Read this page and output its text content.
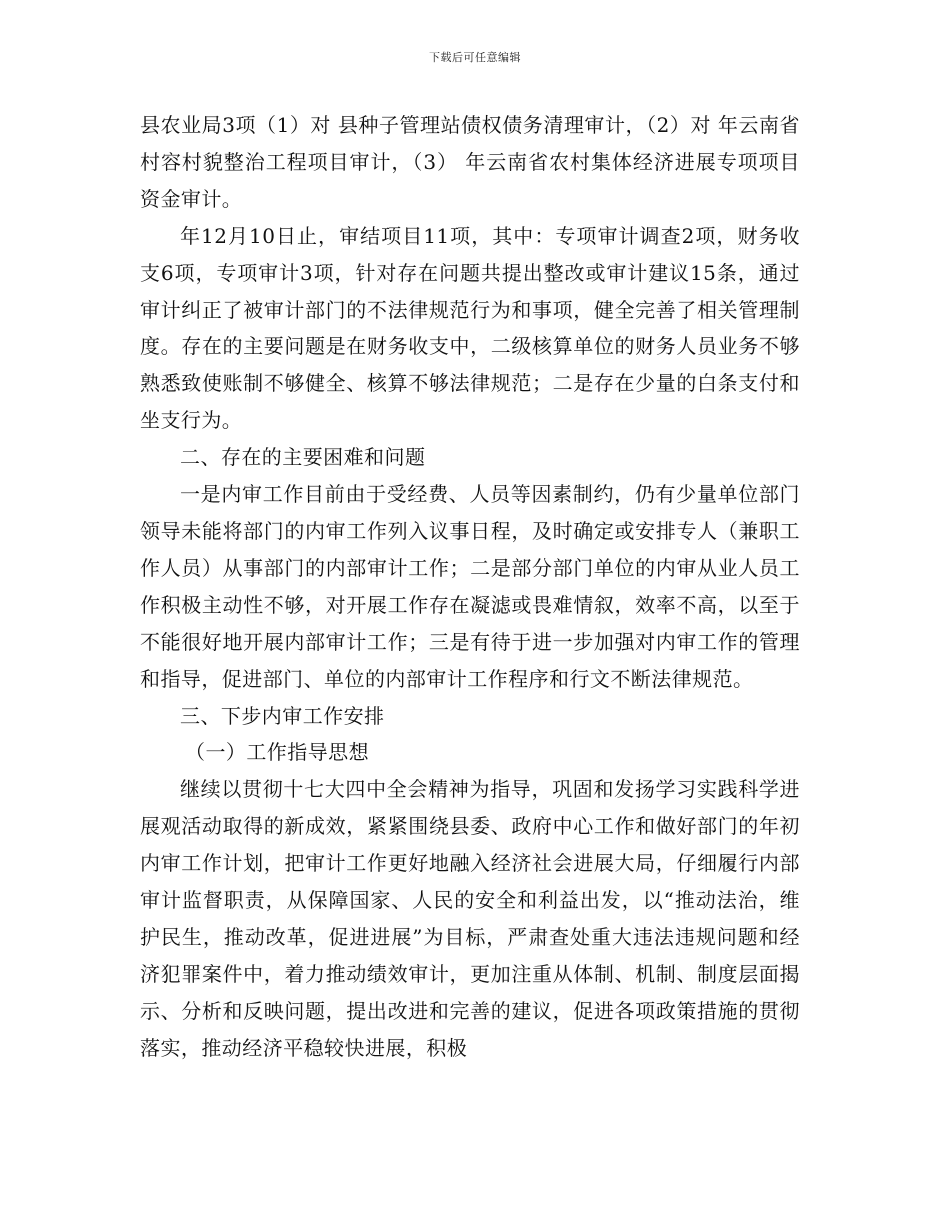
下载后可任意编辑

县农业局3项（1）对 县种子管理站债权债务清理审计，（2）对 年云南省村容村貌整治工程项目审计，（3） 年云南省农村集体经济进展专项项目资金审计。

年12月10日止，审结项目11项，其中：专项审计调查2项，财务收支6项，专项审计3项，针对存在问题共提出整改或审计建议15条，通过审计纠正了被审计部门的不法律规范行为和事项，健全完善了相关管理制度。存在的主要问题是在财务收支中，二级核算单位的财务人员业务不够熟悉致使账制不够健全、核算不够法律规范；二是存在少量的白条支付和坐支行为。

二、存在的主要困难和问题

一是内审工作目前由于受经费、人员等因素制约，仍有少量单位部门领导未能将部门的内审工作列入议事日程，及时确定或安排专人（兼职工作人员）从事部门的内部审计工作；二是部分部门单位的内审从业人员工作积极主动性不够，对开展工作存在凝滤或畏难情叙，效率不高，以至于不能很好地开展内部审计工作；三是有待于进一步加强对内审工作的管理和指导，促进部门、单位的内部审计工作程序和行文不断法律规范。

三、下步内审工作安排

（一）工作指导思想

继续以贯彻十七大四中全会精神为指导，巩固和发扬学习实践科学进展观活动取得的新成效，紧紧围绕县委、政府中心工作和做好部门的年初内审工作计划，把审计工作更好地融入经济社会进展大局，仔细履行内部审计监督职责，从保障国家、人民的安全和利益出发，以“推动法治，维护民生，推动改革，促进进展”为目标，严肃查处重大违法违规问题和经济犯罪案件中，着力推动绩效审计，更加注重从体制、机制、制度层面揭示、分析和反映问题，提出改进和完善的建议，促进各项政策措施的贯彻落实，推动经济平稳较快进展，积极
